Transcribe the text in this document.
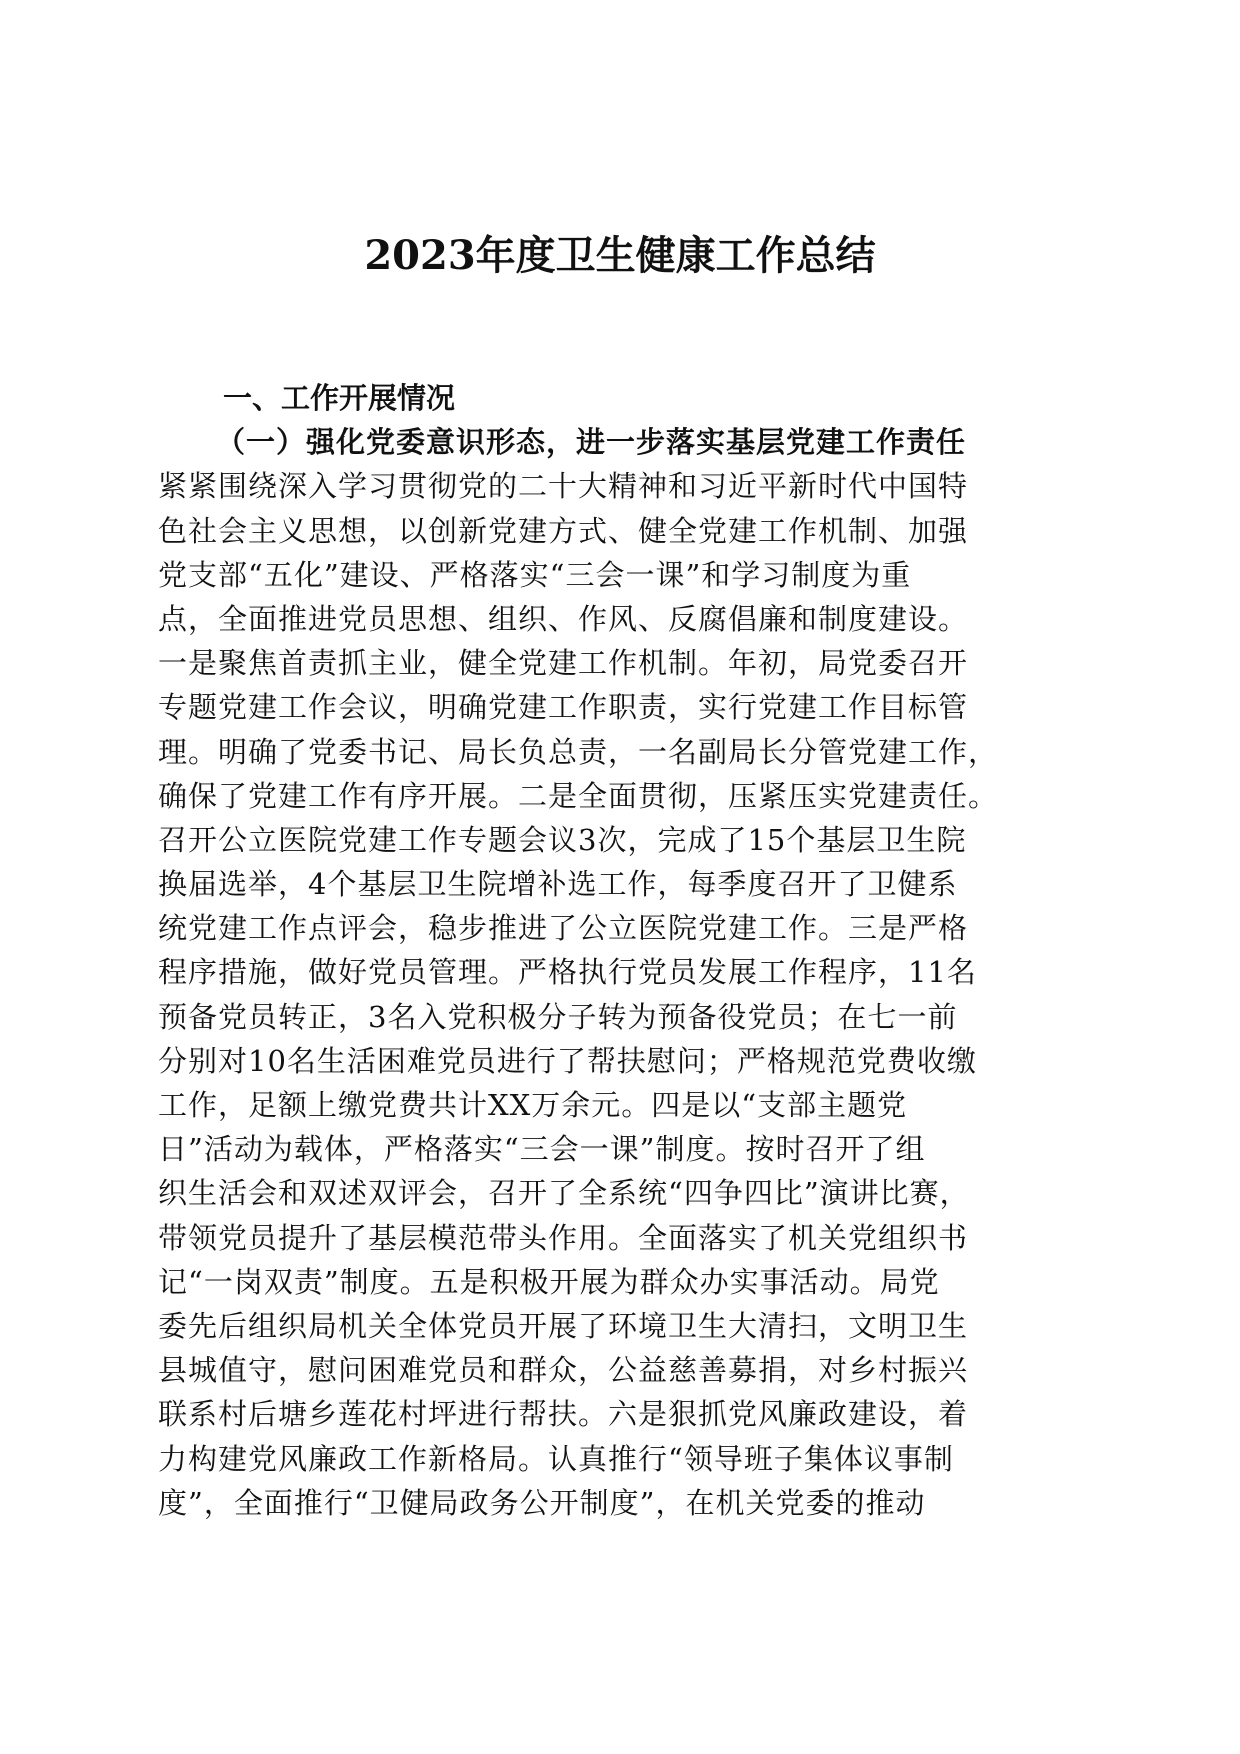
2023年度卫生健康工作总结
一、工作开展情况
（一）强化党委意识形态，进一步落实基层党建工作责任
紧紧围绕深入学习贯彻党的二十大精神和习近平新时代中国特
色社会主义思想，以创新党建方式、健全党建工作机制、加强
党支部“五化”建设、严格落实“三会一课”和学习制度为重
点，全面推进党员思想、组织、作风、反腐倡廉和制度建设。
一是聚焦首责抓主业，健全党建工作机制。年初，局党委召开
专题党建工作会议，明确党建工作职责，实行党建工作目标管
理。明确了党委书记、局长负总责，一名副局长分管党建工作，
确保了党建工作有序开展。二是全面贯彻，压紧压实党建责任。
召开公立医院党建工作专题会议3次，完成了15个基层卫生院
换届选举，4个基层卫生院增补选工作，每季度召开了卫健系
统党建工作点评会，稳步推进了公立医院党建工作。三是严格
程序措施，做好党员管理。严格执行党员发展工作程序，11名
预备党员转正，3名入党积极分子转为预备役党员；在七一前
分别对10名生活困难党员进行了帮扶慰问；严格规范党费收缴
工作，足额上缴党费共计XX万余元。四是以“支部主题党
日”活动为载体，严格落实“三会一课”制度。按时召开了组
织生活会和双述双评会，召开了全系统“四争四比”演讲比赛，
带领党员提升了基层模范带头作用。全面落实了机关党组织书
记“一岗双责”制度。五是积极开展为群众办实事活动。局党
委先后组织局机关全体党员开展了环境卫生大清扫，文明卫生
县城值守，慰问困难党员和群众，公益慈善募捐，对乡村振兴
联系村后塘乡莲花村坪进行帮扶。六是狠抓党风廉政建设，着
力构建党风廉政工作新格局。认真推行“领导班子集体议事制
度”，全面推行“卫健局政务公开制度”，在机关党委的推动
